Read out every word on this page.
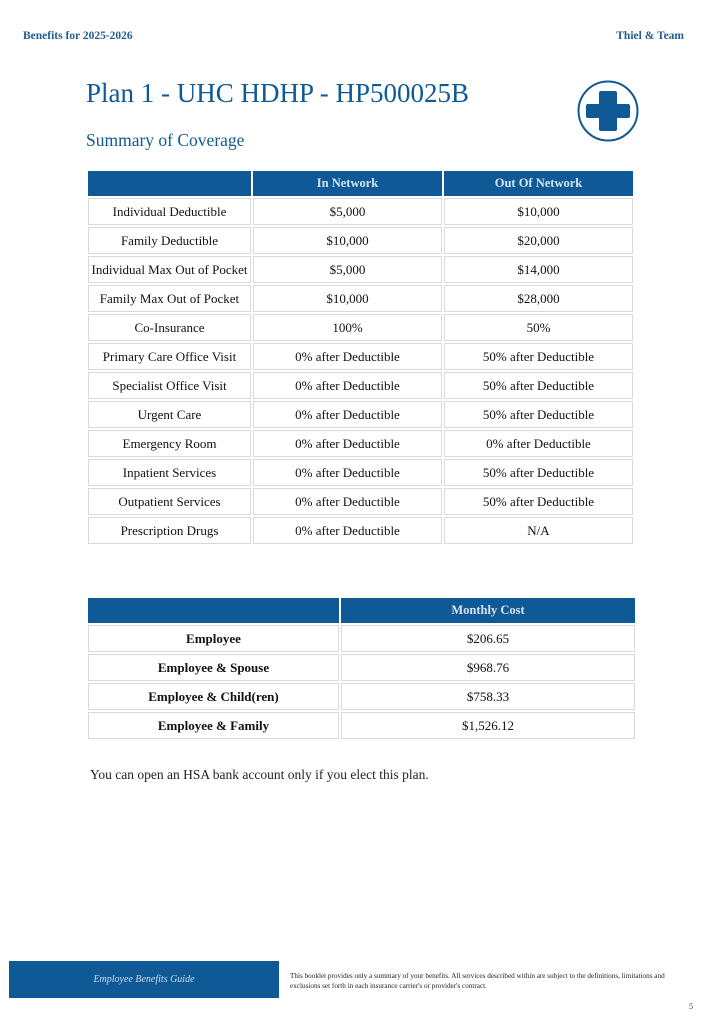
Benefits for 2025-2026	Thiel & Team
Plan 1 - UHC HDHP - HP500025B
Summary of Coverage
	In Network	Out Of Network
Individual Deductible	$5,000	$10,000
Family Deductible	$10,000	$20,000
Individual Max Out of Pocket	$5,000	$14,000
Family Max Out of Pocket	$10,000	$28,000
Co-Insurance	100%	50%
Primary Care Office Visit	0% after Deductible	50% after Deductible
Specialist Office Visit	0% after Deductible	50% after Deductible
Urgent Care	0% after Deductible	50% after Deductible
Emergency Room	0% after Deductible	0% after Deductible
Inpatient Services	0% after Deductible	50% after Deductible
Outpatient Services	0% after Deductible	50% after Deductible
Prescription Drugs	0% after Deductible	N/A
	Monthly Cost
Employee	$206.65
Employee & Spouse	$968.76
Employee & Child(ren)	$758.33
Employee & Family	$1,526.12
You can open an HSA bank account only if you elect this plan.
Employee Benefits Guide	This booklet provides only a summary of your benefits. All services described within are subject to the definitions, limitations and exclusions set forth in each insurance carrier's or provider's contract.
5
